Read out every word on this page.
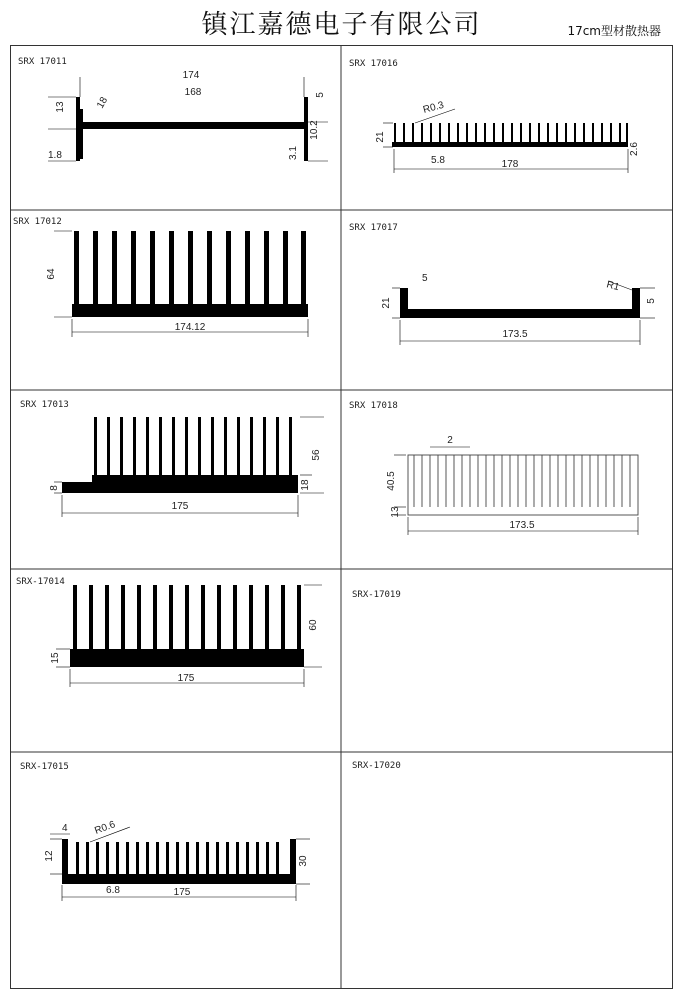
镇江嘉德电子有限公司	17cm型材散热器
SRX 17011
174
168
13	18
1.8
10.2
5
3.1
SRX 17016
R0.3
21
5.8	178
2.6
SRX 17012
64
174.12
SRX 17017
5
R1
5
21
173.5
SRX 17013
56
18
8
175
SRX 17018
2
40.5
13
173.5
SRX-17014
60
15
175
SRX-17019
SRX-17015
4	R0.6
30
12
6.8	175
SRX-17020
